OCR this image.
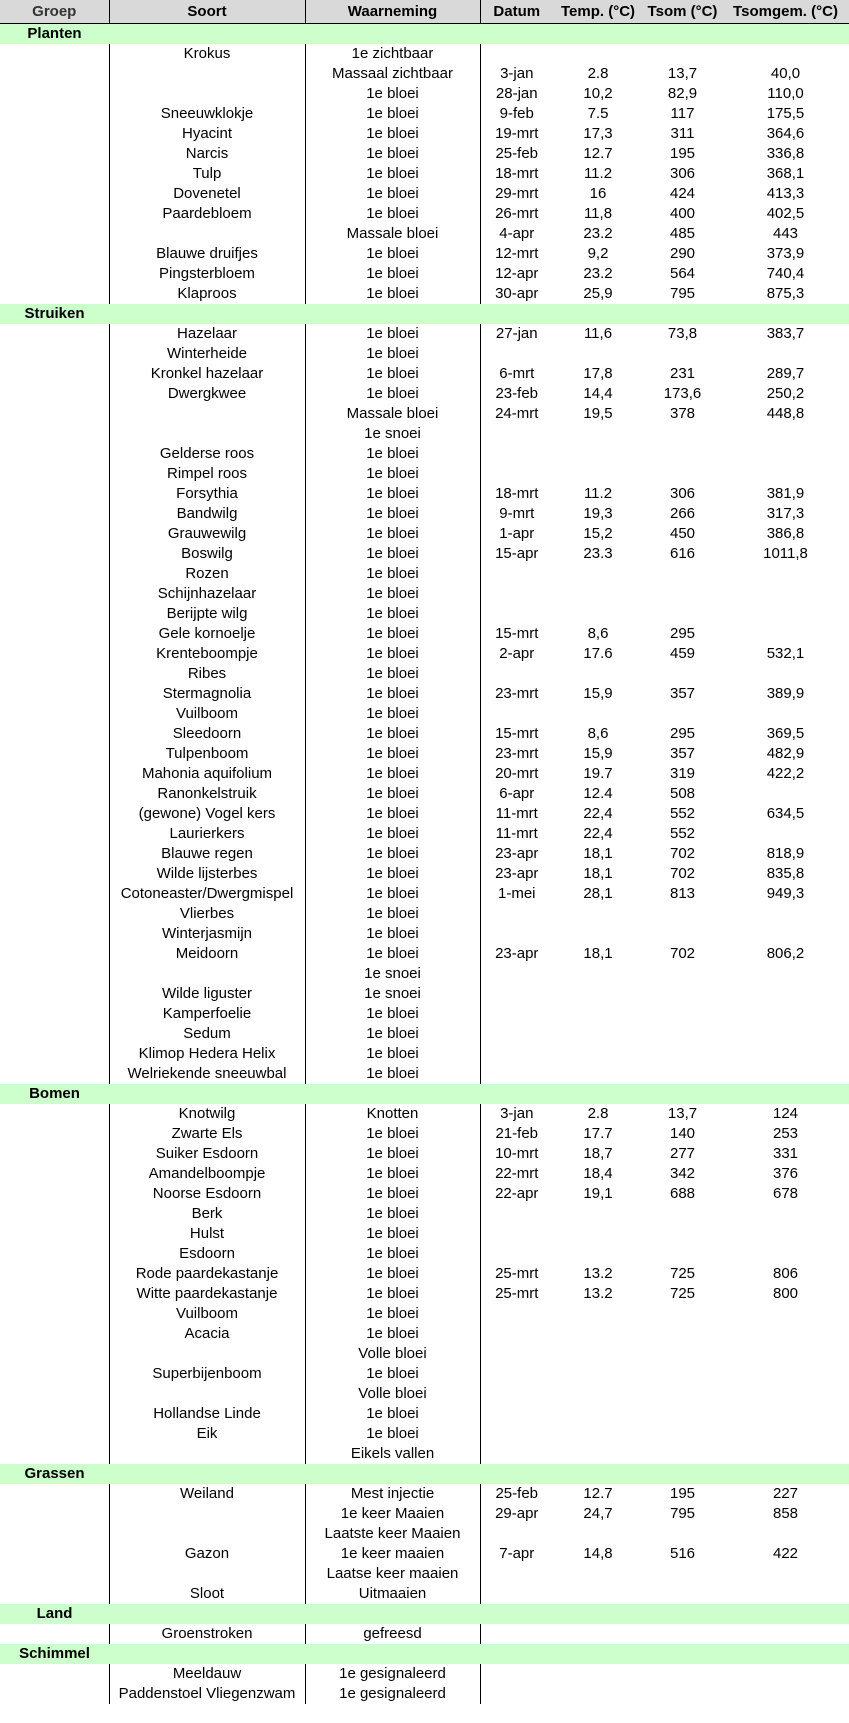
Groep	Soort	Waarneming	Datum	Temp. (°C)	Tsom (°C)	Tsomgem. (°C)
Planten						
	Krokus	1e zichtbaar				
		Massaal zichtbaar	3-jan	2.8	13,7	40,0
		1e bloei	28-jan	10,2	82,9	110,0
	Sneeuwklokje	1e bloei	9-feb	7.5	117	175,5
	Hyacint	1e bloei	19-mrt	17,3	311	364,6
	Narcis	1e bloei	25-feb	12.7	195	336,8
	Tulp	1e bloei	18-mrt	11.2	306	368,1
	Dovenetel	1e bloei	29-mrt	16	424	413,3
	Paardebloem	1e bloei	26-mrt	11,8	400	402,5
		Massale bloei	4-apr	23.2	485	443
	Blauwe druifjes	1e bloei	12-mrt	9,2	290	373,9
	Pingsterbloem	1e bloei	12-apr	23.2	564	740,4
	Klaproos	1e bloei	30-apr	25,9	795	875,3
Struiken						
	Hazelaar	1e bloei	27-jan	11,6	73,8	383,7
	Winterheide	1e bloei				
	Kronkel hazelaar	1e bloei	6-mrt	17,8	231	289,7
	Dwergkwee	1e bloei	23-feb	14,4	173,6	250,2
		Massale bloei	24-mrt	19,5	378	448,8
		1e snoei				
	Gelderse roos	1e bloei				
	Rimpel roos	1e bloei				
	Forsythia	1e bloei	18-mrt	11.2	306	381,9
	Bandwilg	1e bloei	9-mrt	19,3	266	317,3
	Grauwewilg	1e bloei	1-apr	15,2	450	386,8
	Boswilg	1e bloei	15-apr	23.3	616	1011,8
	Rozen	1e bloei				
	Schijnhazelaar	1e bloei				
	Berijpte wilg	1e bloei				
	Gele kornoelje	1e bloei	15-mrt	8,6	295	
	Krenteboompje	1e bloei	2-apr	17.6	459	532,1
	Ribes	1e bloei				
	Stermagnolia	1e bloei	23-mrt	15,9	357	389,9
	Vuilboom	1e bloei				
	Sleedoorn	1e bloei	15-mrt	8,6	295	369,5
	Tulpenboom	1e bloei	23-mrt	15,9	357	482,9
	Mahonia aquifolium	1e bloei	20-mrt	19.7	319	422,2
	Ranonkelstruik	1e bloei	6-apr	12.4	508	
	(gewone) Vogel kers	1e bloei	11-mrt	22,4	552	634,5
	Laurierkers	1e bloei	11-mrt	22,4	552	
	Blauwe regen	1e bloei	23-apr	18,1	702	818,9
	Wilde lijsterbes	1e bloei	23-apr	18,1	702	835,8
	Cotoneaster/Dwergmispel	1e bloei	1-mei	28,1	813	949,3
	Vlierbes	1e bloei				
	Winterjasmijn	1e bloei				
	Meidoorn	1e bloei	23-apr	18,1	702	806,2
		1e snoei				
	Wilde liguster	1e snoei				
	Kamperfoelie	1e bloei				
	Sedum	1e bloei				
	Klimop Hedera Helix	1e bloei				
	Welriekende sneeuwbal	1e bloei				
Bomen						
	Knotwilg	Knotten	3-jan	2.8	13,7	124
	Zwarte Els	1e bloei	21-feb	17.7	140	253
	Suiker Esdoorn	1e bloei	10-mrt	18,7	277	331
	Amandelboompje	1e bloei	22-mrt	18,4	342	376
	Noorse Esdoorn	1e bloei	22-apr	19,1	688	678
	Berk	1e bloei				
	Hulst	1e bloei				
	Esdoorn	1e bloei				
	Rode paardekastanje	1e bloei	25-mrt	13.2	725	806
	Witte paardekastanje	1e bloei	25-mrt	13.2	725	800
	Vuilboom	1e bloei				
	Acacia	1e bloei				
		Volle bloei				
	Superbijenboom	1e bloei				
		Volle bloei				
	Hollandse Linde	1e bloei				
	Eik	1e bloei				
		Eikels vallen				
Grassen						
	Weiland	Mest injectie	25-feb	12.7	195	227
		1e keer Maaien	29-apr	24,7	795	858
		Laatste keer Maaien				
	Gazon	1e keer maaien	7-apr	14,8	516	422
		Laatse keer maaien				
	Sloot	Uitmaaien				
Land						
	Groenstroken	gefreesd				
Schimmel						
	Meeldauw	1e gesignaleerd				
	Paddenstoel Vliegenzwam	1e gesignaleerd				
